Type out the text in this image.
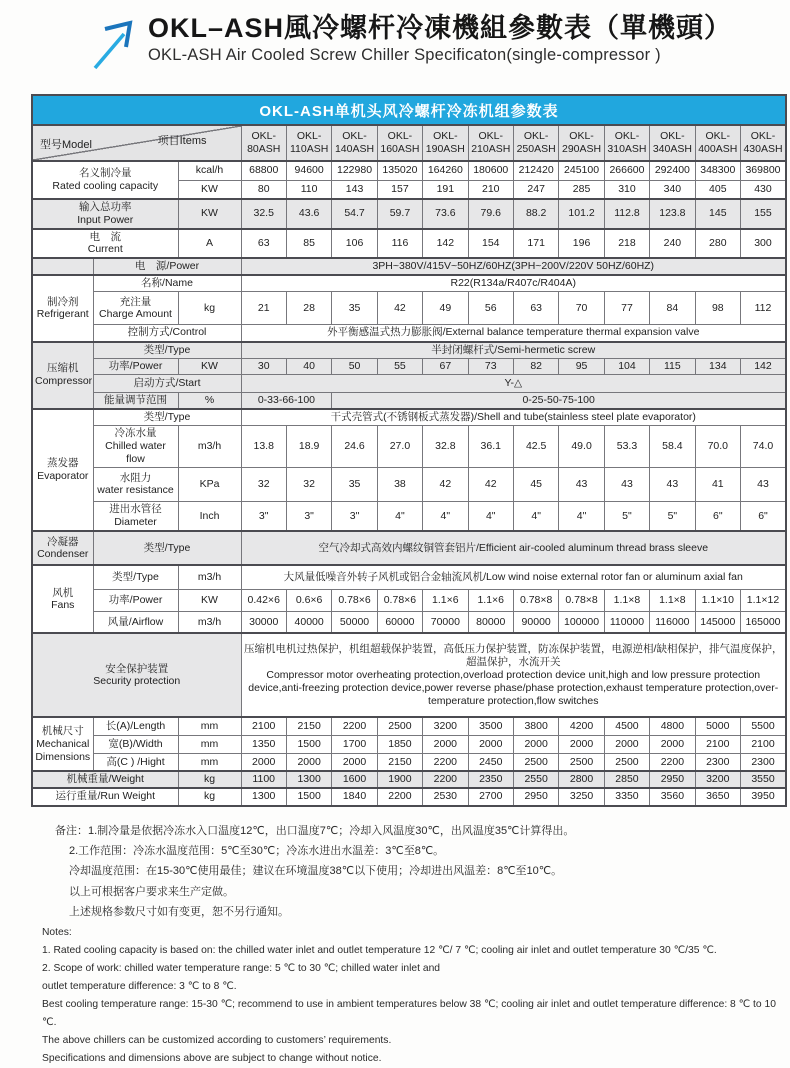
OKL–ASH風冷螺杆冷凍機組參數表（單機頭）
OKL-ASH Air Cooled Screw Chiller Specificaton(single-compressor )
OKL-ASH单机头风冷螺杆冷冻机组参数表
型号Model 项目Items			OKL-
80ASH	OKL-
110ASH	OKL-
140ASH	OKL-
160ASH	OKL-
190ASH	OKL-
210ASH	OKL-
250ASH	OKL-
290ASH	OKL-
310ASH	OKL-
340ASH	OKL-
400ASH	OKL-
430ASH

名义制冷量
Rated cooling capacity		kcal/h	68800	94600	122980	135020	164260	180600	212420	245100	266600	292400	348300	369800
		KW	80	110	143	157	191	210	247	285	310	340	405	430

输入总功率
Input Power		KW	32.5	43.6	54.7	59.7	73.6	79.6	88.2	101.2	112.8	123.8	145	155

电　流
Current		A	63	85	106	116	142	154	171	196	218	240	280	300
	电　源/Power		3PH~380V/415V~50HZ/60HZ(3PH~200V/220V 50HZ/60HZ)											

制冷剂
Refrigerant	名称/Name		R22(R134a/R407c/R404A)											

	充注量
Charge Amount	kg	21	28	35	42	49	56	63	70	77	84	98	112
	控制方式/Control		外平衡感温式热力膨胀阀/External balance temperature thermal expansion valve											

压缩机
Compressor	类型/Type		半封闭螺杆式/Semi-hermetic screw											
	功率/Power	KW	30	40	50	55	67	73	82	95	104	115	134	142
	启动方式/Start		Y-△											
	能量调节范围	%	0-33-66-100		0-25-50-75-100									

蒸发器
Evaporator	类型/Type		干式壳管式(不锈钢板式蒸发器)/Shell and tube(stainless steel plate evaporator)											

	冷冻水量
Chilled water flow	m3/h	13.8	18.9	24.6	27.0	32.8	36.1	42.5	49.0	53.3	58.4	70.0	74.0

	水阻力
water resistance	KPa	32	32	35	38	42	42	45	43	43	43	41	43

	进出水管径
Diameter	Inch	3"	3"	3"	4"	4"	4"	4"	4"	5"	5"	6"	6"

冷凝器
Condenser	类型/Type		空气冷却式高效内螺纹铜管套铝片/Efficient air-cooled aluminum thread brass sleeve											

风机
Fans	类型/Type	m3/h	大风量低噪音外转子风机或铝合金轴流风机/Low wind noise external rotor fan or aluminum axial fan											
	功率/Power	KW	0.42×6	0.6×6	0.78×6	0.78×6	1.1×6	1.1×6	0.78×8	0.78×8	1.1×8	1.1×8	1.1×10	1.1×12
	风量/Airflow	m3/h	30000	40000	50000	60000	70000	80000	90000	100000	110000	116000	145000	165000

安全保护装置
Security protection			压缩机电机过热保护，机组超载保护装置，高低压力保护装置，防冻保护装置，电源逆相/缺相保护，排气温度保护，超温保护，水流开关
Compressor motor overheating protection,overload protection device unit,high and low pressure protection device,anti-freezing protection device,power reverse phase/phase protection,exhaust temperature protection,over-temperature protection,flow switches											

机械尺寸
Mechanical
Dimensions	长(A)/Length	mm	2100	2150	2200	2500	3200	3500	3800	4200	4500	4800	5000	5500
	宽(B)/Width	mm	1350	1500	1700	1850	2000	2000	2000	2000	2000	2000	2100	2100
	高(C ) /Hight	mm	2000	2000	2000	2150	2200	2450	2500	2500	2500	2200	2300	2300
机械重量/Weight		kg	1100	1300	1600	1900	2200	2350	2550	2800	2850	2950	3200	3550
运行重量/Run Weight		kg	1300	1500	1840	2200	2530	2700	2950	3250	3350	3560	3650	3950
备注：1.制冷量是依据冷冻水入口温度12℃，出口温度7℃；冷却入风温度30℃，出风温度35℃计算得出。
2.工作范围：冷冻水温度范围：5℃至30℃；冷冻水进出水温差：3℃至8℃。
冷却温度范围：在15-30℃使用最佳；建议在环境温度38℃以下使用；冷却进出风温差：8℃至10℃。
以上可根据客户要求来生产定做。
上述规格参数尺寸如有变更，恕不另行通知。
Notes:
1. Rated cooling capacity is based on: the chilled water inlet and outlet temperature 12 ℃/ 7 ℃; cooling air inlet and outlet temperature 30 ℃/35 ℃.
2. Scope of work: chilled water temperature range: 5 ℃ to 30 ℃; chilled water inlet and
outlet temperature difference: 3 ℃ to 8 ℃.
Best cooling temperature range: 15-30 ℃; recommend to use in ambient temperatures below 38 ℃; cooling air inlet and outlet temperature difference: 8 ℃ to 10 ℃.
The above chillers can be customized according to customers’ requirements.
Specifications and dimensions above are subject to change without notice.
